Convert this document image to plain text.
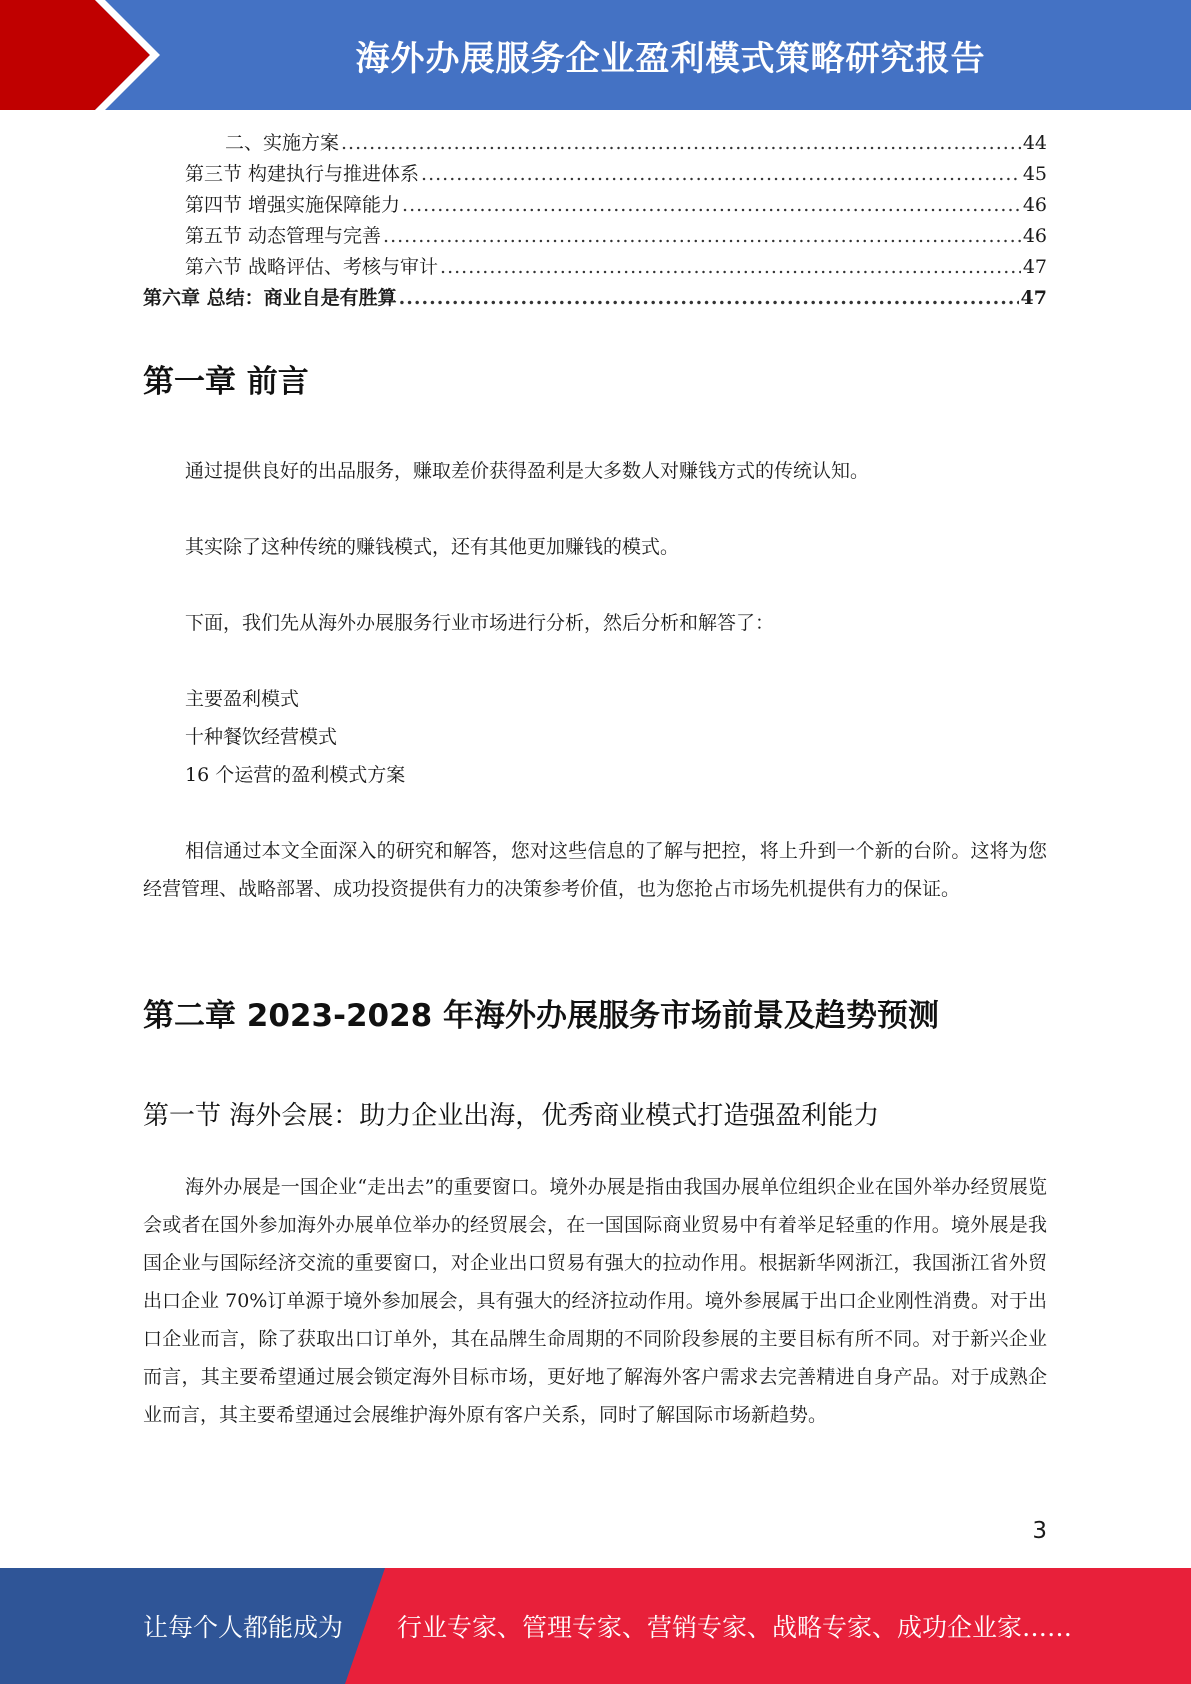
海外办展服务企业盈利模式策略研究报告
二、实施方案 .....	44
第三节 构建执行与推进体系 .....	45
第四节 增强实施保障能力 .....	46
第五节 动态管理与完善 .....	46
第六节 战略评估、考核与审计 .....	47
第六章 总结：商业自是有胜算 .....	47
第一章 前言

通过提供良好的出品服务，赚取差价获得盈利是大多数人对赚钱方式的传统认知。

其实除了这种传统的赚钱模式，还有其他更加赚钱的模式。

下面，我们先从海外办展服务行业市场进行分析，然后分析和解答了：

主要盈利模式

十种餐饮经营模式

16 个运营的盈利模式方案

相信通过本文全面深入的研究和解答，您对这些信息的了解与把控，将上升到一个新的台阶。这将为您经营管理、战略部署、成功投资提供有力的决策参考价值，也为您抢占市场先机提供有力的保证。

第二章 2023-2028 年海外办展服务市场前景及趋势预测
第一节 海外会展：助力企业出海，优秀商业模式打造强盈利能力

海外办展是一国企业“走出去”的重要窗口。境外办展是指由我国办展单位组织企业在国外举办经贸展览会或者在国外参加海外办展单位举办的经贸展会，在一国国际商业贸易中有着举足轻重的作用。境外展是我国企业与国际经济交流的重要窗口，对企业出口贸易有强大的拉动作用。根据新华网浙江，我国浙江省外贸出口企业 70%订单源于境外参加展会，具有强大的经济拉动作用。境外参展属于出口企业刚性消费。对于出口企业而言，除了获取出口订单外，其在品牌生命周期的不同阶段参展的主要目标有所不同。对于新兴企业而言，其主要希望通过展会锁定海外目标市场，更好地了解海外客户需求去完善精进自身产品。对于成熟企业而言，其主要希望通过会展维护海外原有客户关系，同时了解国际市场新趋势。

3
让每个人都能成为 行业专家、管理专家、营销专家、战略专家、成功企业家……
